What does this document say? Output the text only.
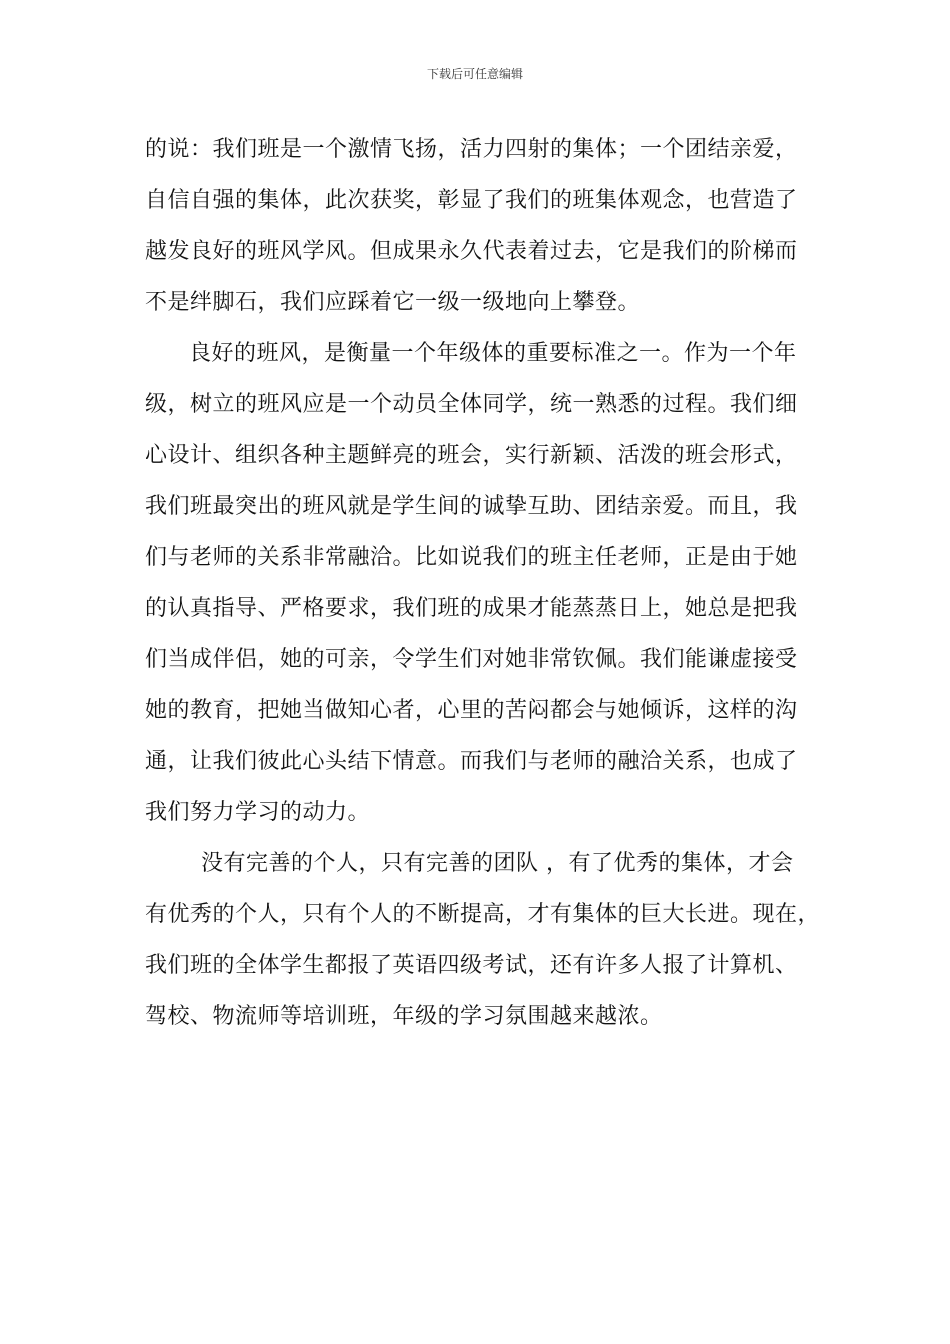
下载后可任意编辑
的说：我们班是一个激情飞扬，活力四射的集体；一个团结亲爱，
自信自强的集体，此次获奖，彰显了我们的班集体观念，也营造了
越发良好的班风学风。但成果永久代表着过去，它是我们的阶梯而
不是绊脚石，我们应踩着它一级一级地向上攀登。
良好的班风，是衡量一个年级体的重要标准之一。作为一个年
级，树立的班风应是一个动员全体同学，统一熟悉的过程。我们细
心设计、组织各种主题鲜亮的班会，实行新颖、活泼的班会形式，
我们班最突出的班风就是学生间的诚挚互助、团结亲爱。而且，我
们与老师的关系非常融洽。比如说我们的班主任老师，正是由于她
的认真指导、严格要求，我们班的成果才能蒸蒸日上，她总是把我
们当成伴侣，她的可亲，令学生们对她非常钦佩。我们能谦虚接受
她的教育，把她当做知心者，心里的苦闷都会与她倾诉，这样的沟
通，让我们彼此心头结下情意。而我们与老师的融洽关系，也成了
我们努力学习的动力。
没有完善的个人，只有完善的团队 ，有了优秀的集体，才会
有优秀的个人，只有个人的不断提高，才有集体的巨大长进。现在，
我们班的全体学生都报了英语四级考试，还有许多人报了计算机、
驾校、物流师等培训班，年级的学习氛围越来越浓。
